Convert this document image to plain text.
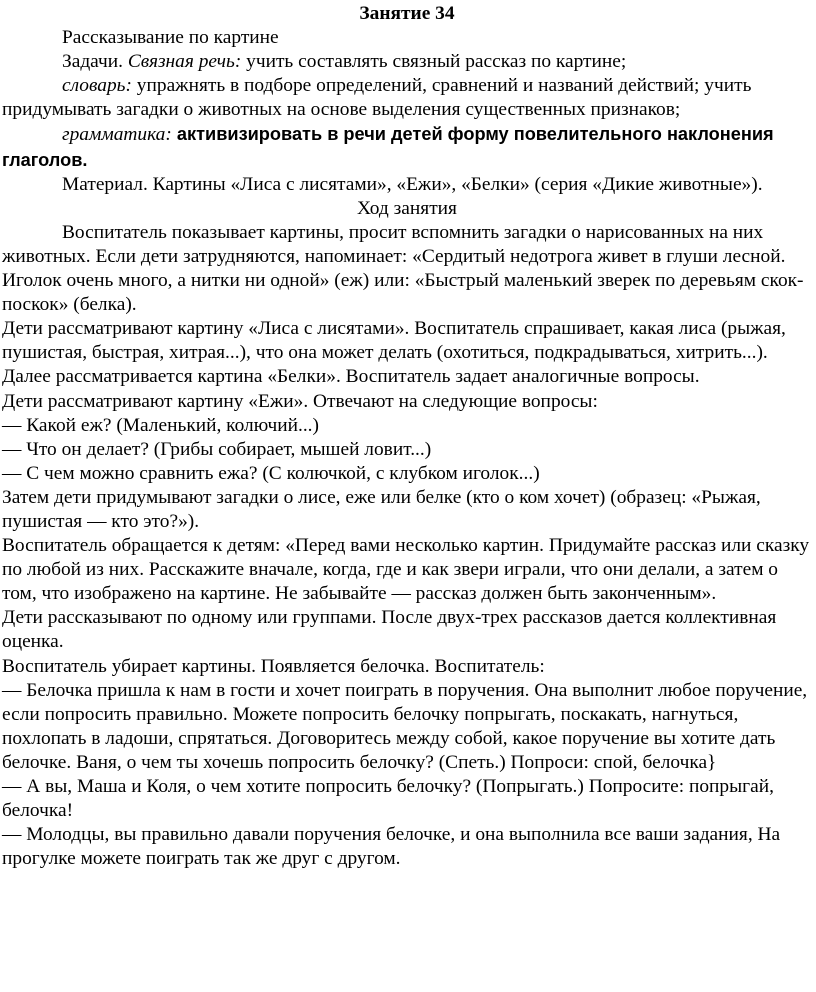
Занятие 34

Рассказывание по картине

Задачи. Связная речь: учить составлять связный рассказ по картине;

словарь: упражнять в подборе определений, сравнений и названий действий; учить придумывать загадки о животных на основе выделения существенных признаков;

грамматика: активизировать в речи детей форму повелительного наклонения глаголов.

Материал. Картины «Лиса с лисятами», «Ежи», «Белки» (серия «Дикие животные»).

Ход занятия

Воспитатель показывает картины, просит вспомнить загадки о нарисованных на них животных. Если дети затрудняются, напоминает: «Сердитый недотрога живет в глуши лесной. Иголок очень много, а нитки ни одной» (еж) или: «Быстрый маленький зверек по деревьям скок-поскок» (белка).

Дети рассматривают картину «Лиса с лисятами». Воспитатель спрашивает, какая лиса (рыжая, пушистая, быстрая, хитрая...), что она может делать (охотиться, подкрадываться, хитрить...). Далее рассматривается картина «Белки». Воспитатель задает аналогичные вопросы.

Дети рассматривают картину «Ежи». Отвечают на следующие вопросы:

— Какой еж? (Маленький, колючий...)

— Что он делает? (Грибы собирает, мышей ловит...)

— С чем можно сравнить ежа? (С колючкой, с клубком иголок...)

Затем дети придумывают загадки о лисе, еже или белке (кто о ком хочет) (образец: «Рыжая, пушистая — кто это?»).

Воспитатель обращается к детям: «Перед вами несколько картин. Придумайте рассказ или сказку по любой из них. Расскажите вначале, когда, где и как звери играли, что они делали, а затем о том, что изображено на картине. Не забывайте — рассказ должен быть законченным».

Дети рассказывают по одному или группами. После двух-трех рассказов дается коллективная оценка.

Воспитатель убирает картины. Появляется белочка. Воспитатель:

— Белочка пришла к нам в гости и хочет поиграть в поручения. Она выполнит любое поручение, если попросить правильно. Можете попросить белочку попрыгать, поскакать, нагнуться, похлопать в ладоши, спрятаться. Договоритесь между собой, какое поручение вы хотите дать белочке. Ваня, о чем ты хочешь попросить белочку? (Спеть.) Попроси: спой, белочка}

— А вы, Маша и Коля, о чем хотите попросить белочку? (Попрыгать.) Попросите: попрыгай, белочка!

— Молодцы, вы правильно давали поручения белочке, и она выполнила все ваши задания, На прогулке можете поиграть так же друг с другом.
